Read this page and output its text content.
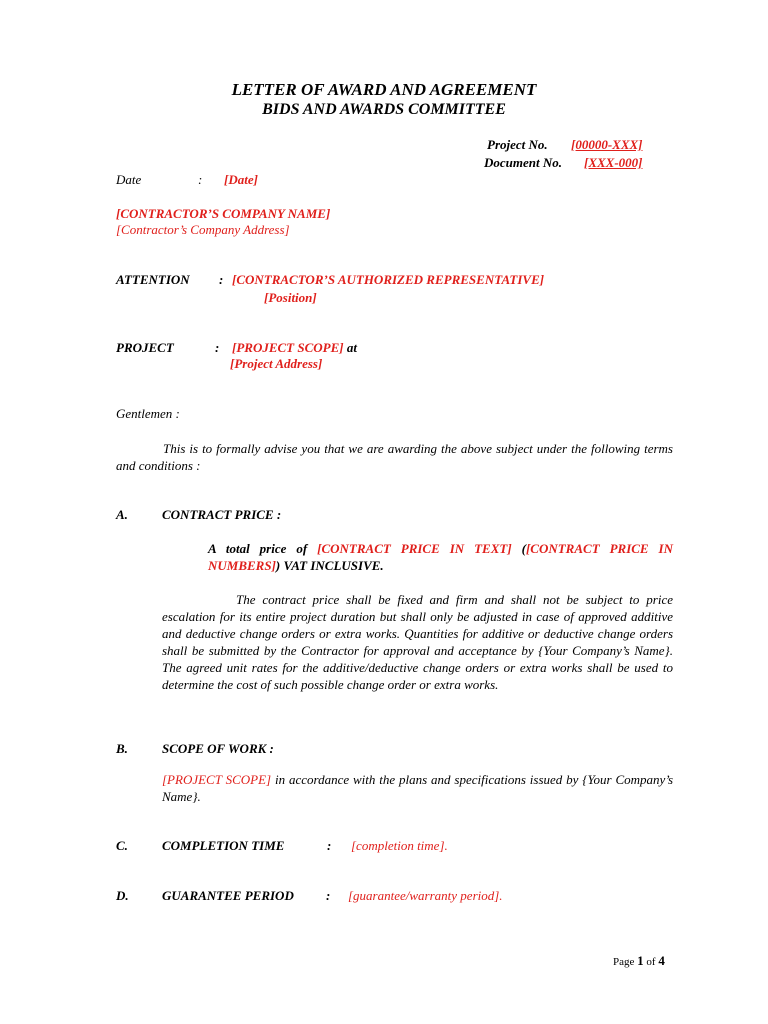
LETTER OF AWARD AND AGREEMENT
BIDS AND AWARDS COMMITTEE
Project No. [00000-XXX]
Document No. [XXX-000]
Date	: [Date]
[CONTRACTOR’S COMPANY NAME]
[Contractor’s Company Address]
ATTENTION : [CONTRACTOR’S AUTHORIZED REPRESENTATIVE]
[Position]
PROJECT	: [PROJECT SCOPE] at
[Project Address]
Gentlemen :
This is to formally advise you that we are awarding the above subject under the following terms and conditions :
A.	CONTRACT PRICE :
A total price of [CONTRACT PRICE IN TEXT] ([CONTRACT PRICE IN NUMBERS]) VAT INCLUSIVE.
The contract price shall be fixed and firm and shall not be subject to price escalation for its entire project duration but shall only be adjusted in case of approved additive and deductive change orders or extra works. Quantities for additive or deductive change orders shall be submitted by the Contractor for approval and acceptance by {Your Company’s Name}. The agreed unit rates for the additive/deductive change orders or extra works shall be used to determine the cost of such possible change order or extra works.
B.	SCOPE OF WORK :
[PROJECT SCOPE] in accordance with the plans and specifications issued by {Your Company’s Name}.
C.	COMPLETION TIME	: [completion time].
D.	GUARANTEE PERIOD : [guarantee/warranty period].
Page 1 of 4
